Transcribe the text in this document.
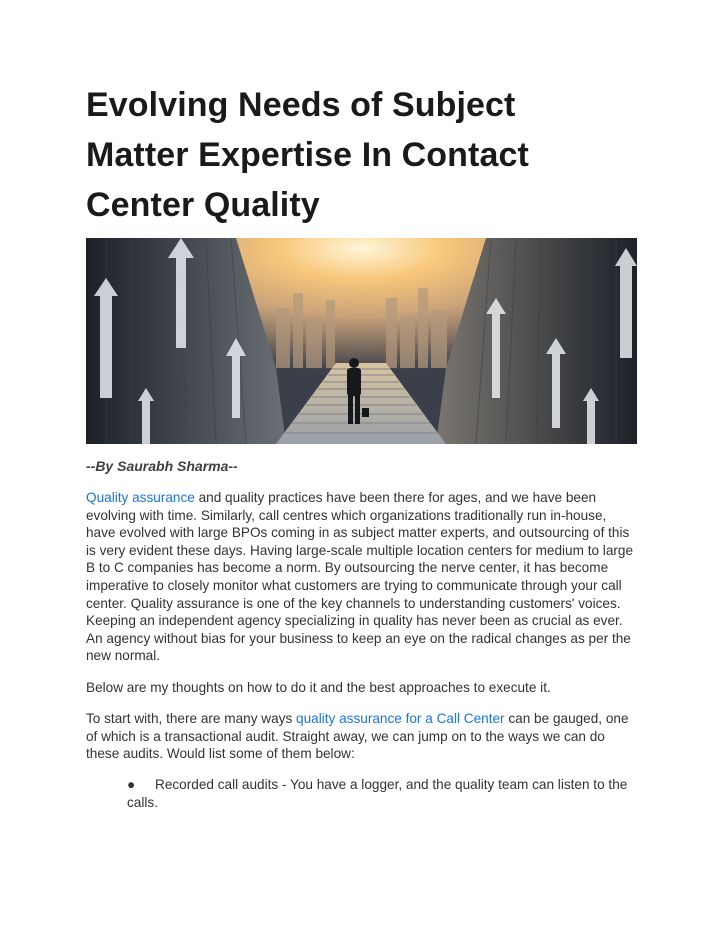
Evolving Needs of Subject
Matter Expertise In Contact
Center Quality
--By Saurabh Sharma--

Quality assurance and quality practices have been there for ages, and we have been evolving with time. Similarly, call centres which organizations traditionally run in-house, have evolved with large BPOs coming in as subject matter experts, and outsourcing of this is very evident these days. Having large-scale multiple location centers for medium to large B to C companies has become a norm. By outsourcing the nerve center, it has become imperative to closely monitor what customers are trying to communicate through your call center. Quality assurance is one of the key channels to understanding customers' voices. Keeping an independent agency specializing in quality has never been as crucial as ever. An agency without bias for your business to keep an eye on the radical changes as per the new normal.

Below are my thoughts on how to do it and the best approaches to execute it.

To start with, there are many ways quality assurance for a Call Center can be gauged, one of which is a transactional audit. Straight away, we can jump on to the ways we can do these audits. Would list some of them below:

● Recorded call audits - You have a logger, and the quality team can listen to the calls.
